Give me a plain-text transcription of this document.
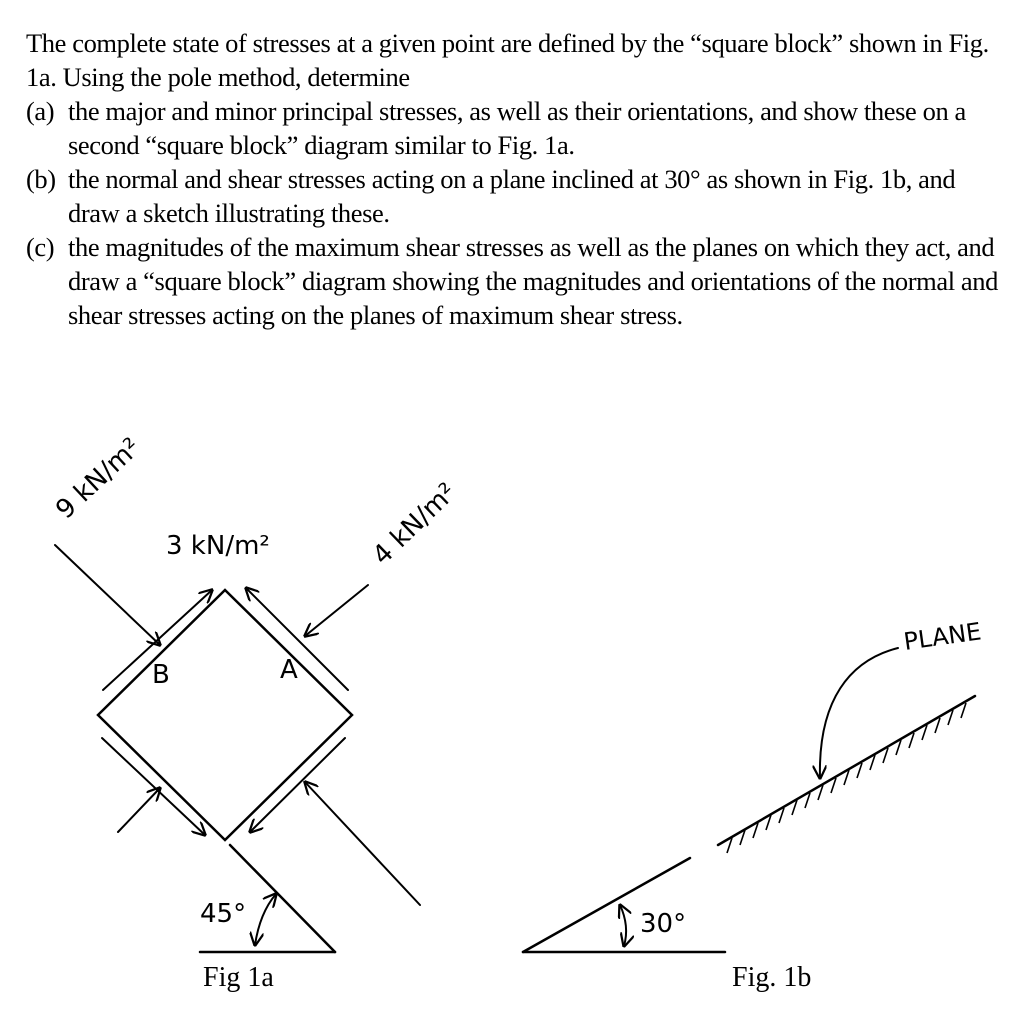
The complete state of stresses at a given point are defined by the “square block” shown in Fig. 1a. Using the pole method, determine

(a) the major and minor principal stresses, as well as their orientations, and show these on a second “square block” diagram similar to Fig. 1a.
(b) the normal and shear stresses acting on a plane inclined at 30° as shown in Fig. 1b, and draw a sketch illustrating these.
(c) the magnitudes of the maximum shear stresses as well as the planes on which they act, and draw a “square block” diagram showing the magnitudes and orientations of the normal and shear stresses acting on the planes of maximum shear stress.
9 kN/m²
3 kN/m²	4 kN/m²
B	A
45°
Fig 1a
PLANE
30°
Fig. 1b
